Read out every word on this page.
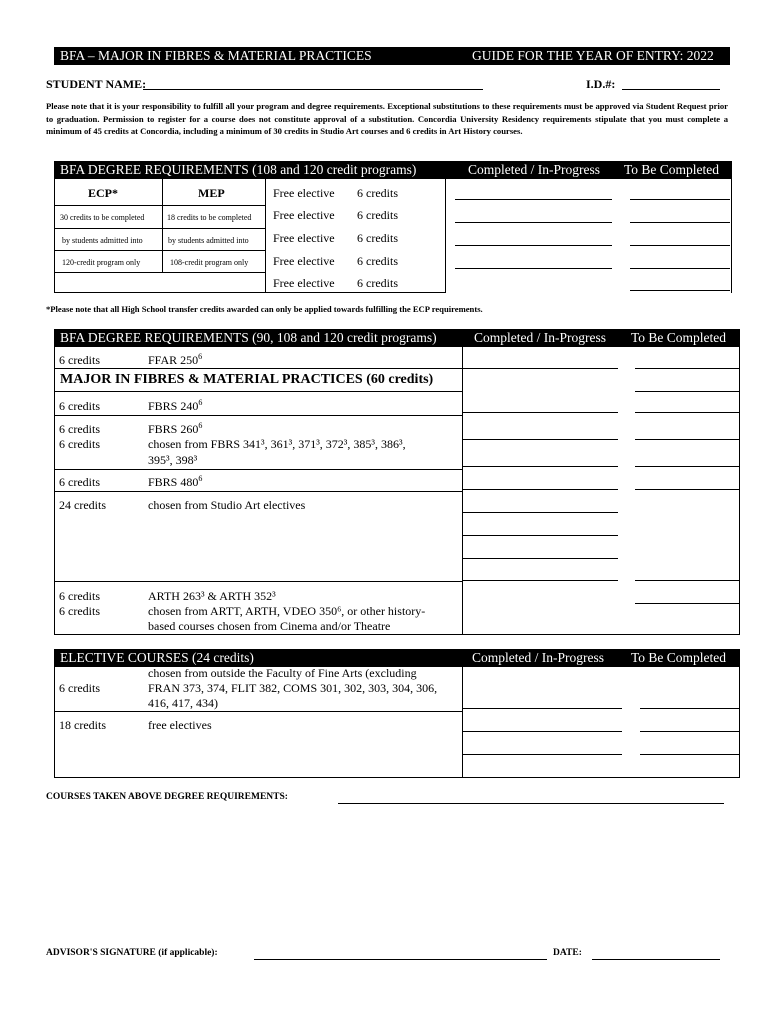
BFA – MAJOR IN FIBRES & MATERIAL PRACTICES	GUIDE FOR THE YEAR OF ENTRY: 2022
STUDENT NAME:	I.D.#:
Please note that it is your responsibility to fulfill all your program and degree requirements. Exceptional substitutions to these requirements must be approved via Student Request prior to graduation. Permission to register for a course does not constitute approval of a substitution. Concordia University Residency requirements stipulate that you must complete a minimum of 45 credits at Concordia, including a minimum of 30 credits in Studio Art courses and 6 credits in Art History courses.
BFA DEGREE REQUIREMENTS (108 and 120 credit programs)	Completed / In-Progress To Be Completed
ECP*	MEP
30 credits to be completed
by students admitted into
120-credit program only
18 credits to be completed
by students admitted into
108-credit program only
Free elective 6 credits
Free elective 6 credits
Free elective 6 credits
Free elective 6 credits
Free elective 6 credits
*Please note that all High School transfer credits awarded can only be applied towards fulfilling the ECP requirements.
BFA DEGREE REQUIREMENTS (90, 108 and 120 credit programs)	Completed / In-Progress To Be Completed
6 credits	FFAR $250^6$
MAJOR IN FIBRES & MATERIAL PRACTICES (60 credits)
6 credits	FBRS $240^6$
6 credits	FBRS $260^6$
6 credits	chosen from FBRS 341³, 361³, 371³, 372³, 385³, 386³,
395³, 398³
6 credits	FBRS $480^6$
24 credits	chosen from Studio Art electives
6 credits	ARTH 263³ & ARTH 352³
6 credits	chosen from ARTT, ARTH, VDEO 350⁶, or other history-
based courses chosen from Cinema and/or Theatre
ELECTIVE COURSES (24 credits)	Completed / In-Progress To Be Completed
6 credits
chosen from outside the Faculty of Fine Arts (excluding
FRAN 373, 374, FLIT 382, COMS 301, 302, 303, 304, 306,
416, 417, 434)
18 credits	free electives
COURSES TAKEN ABOVE DEGREE REQUIREMENTS:
ADVISOR'S SIGNATURE (if applicable):	DATE:
